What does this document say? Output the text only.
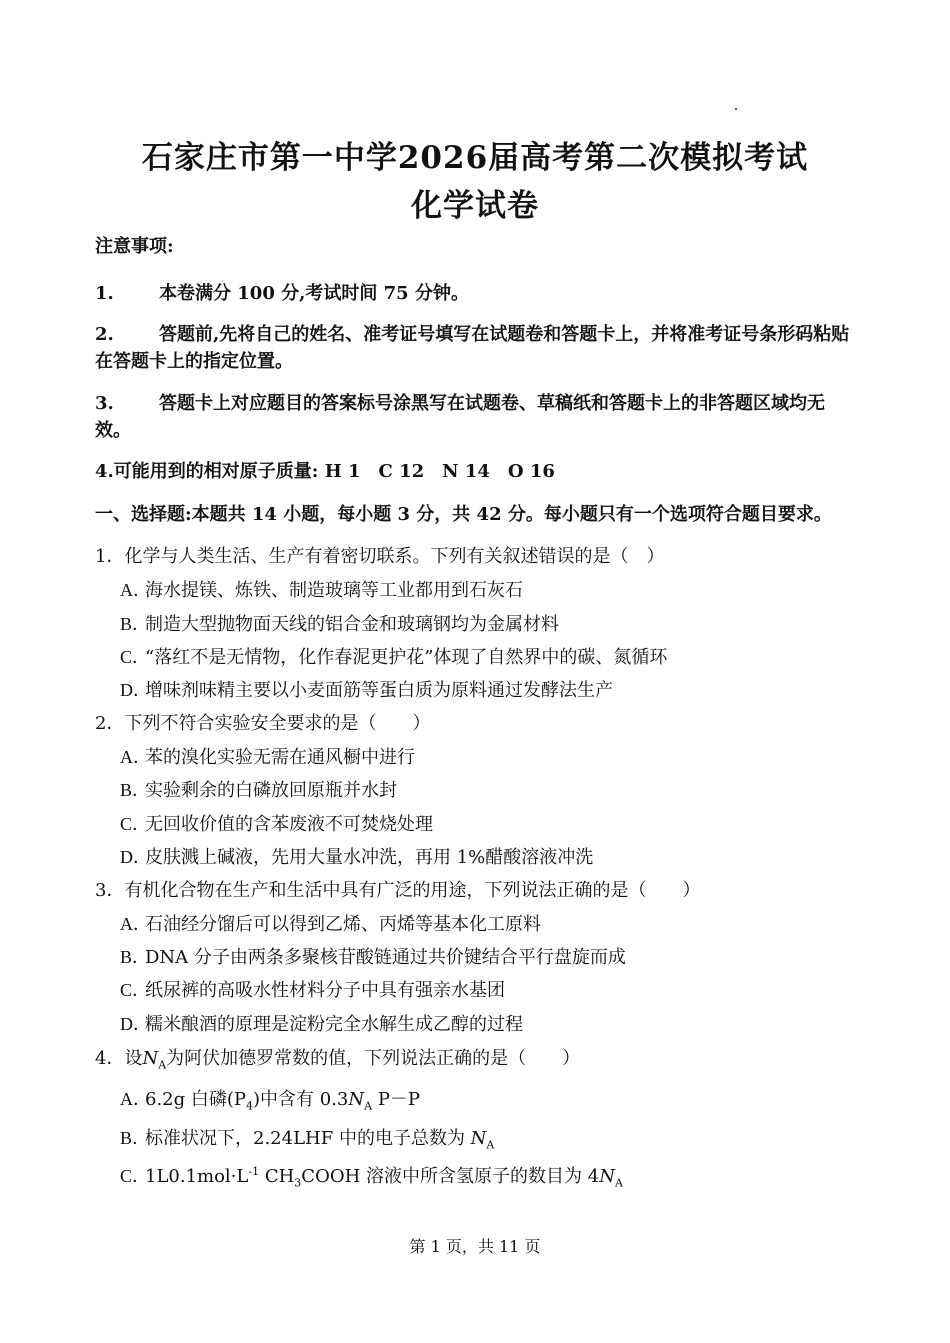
石家庄市第一中学2026届高考第二次模拟考试
化学试卷
注意事项:
1.	本卷满分 100 分,考试时间 75 分钟。
2.	答题前,先将自己的姓名、准考证号填写在试题卷和答题卡上，并将准考证号条形码粘贴在答题卡上的指定位置。
3.	答题卡上对应题目的答案标号涂黑写在试题卷、草稿纸和答题卡上的非答题区域均无效。
4.可能用到的相对原子质量: H 1　C 12　N 14　O 16
一、选择题:本题共 14 小题，每小题 3 分，共 42 分。每小题只有一个选项符合题目要求。
1．化学与人类生活、生产有着密切联系。下列有关叙述错误的是（　）
A．海水提镁、炼铁、制造玻璃等工业都用到石灰石
B．制造大型抛物面天线的铝合金和玻璃钢均为金属材料
C．“落红不是无情物，化作春泥更护花”体现了自然界中的碳、氮循环
D．增味剂味精主要以小麦面筋等蛋白质为原料通过发酵法生产
2．下列不符合实验安全要求的是（　　）
A．苯的溴化实验无需在通风橱中进行
B．实验剩余的白磷放回原瓶并水封
C．无回收价值的含苯废液不可焚烧处理
D．皮肤溅上碱液，先用大量水冲洗，再用 1%醋酸溶液冲洗
3．有机化合物在生产和生活中具有广泛的用途，下列说法正确的是（　　）
A．石油经分馏后可以得到乙烯、丙烯等基本化工原料
B．DNA 分子由两条多聚核苷酸链通过共价键结合平行盘旋而成
C．纸尿裤的高吸水性材料分子中具有强亲水基团
D．糯米酿酒的原理是淀粉完全水解生成乙醇的过程
4．设$N_A$为阿伏加德罗常数的值，下列说法正确的是（　　）
A．6.2g 白磷$(P_4)$中含有 $0.3N_A$ P－P
B．标准状况下，2.24LHF 中的电子总数为 $N_A$
C．$1L0.1mol\cdot L^{-1}$ $CH_3COOH$ 溶液中所含氢原子的数目为 $4N_A$
第 1 页，共 11 页
